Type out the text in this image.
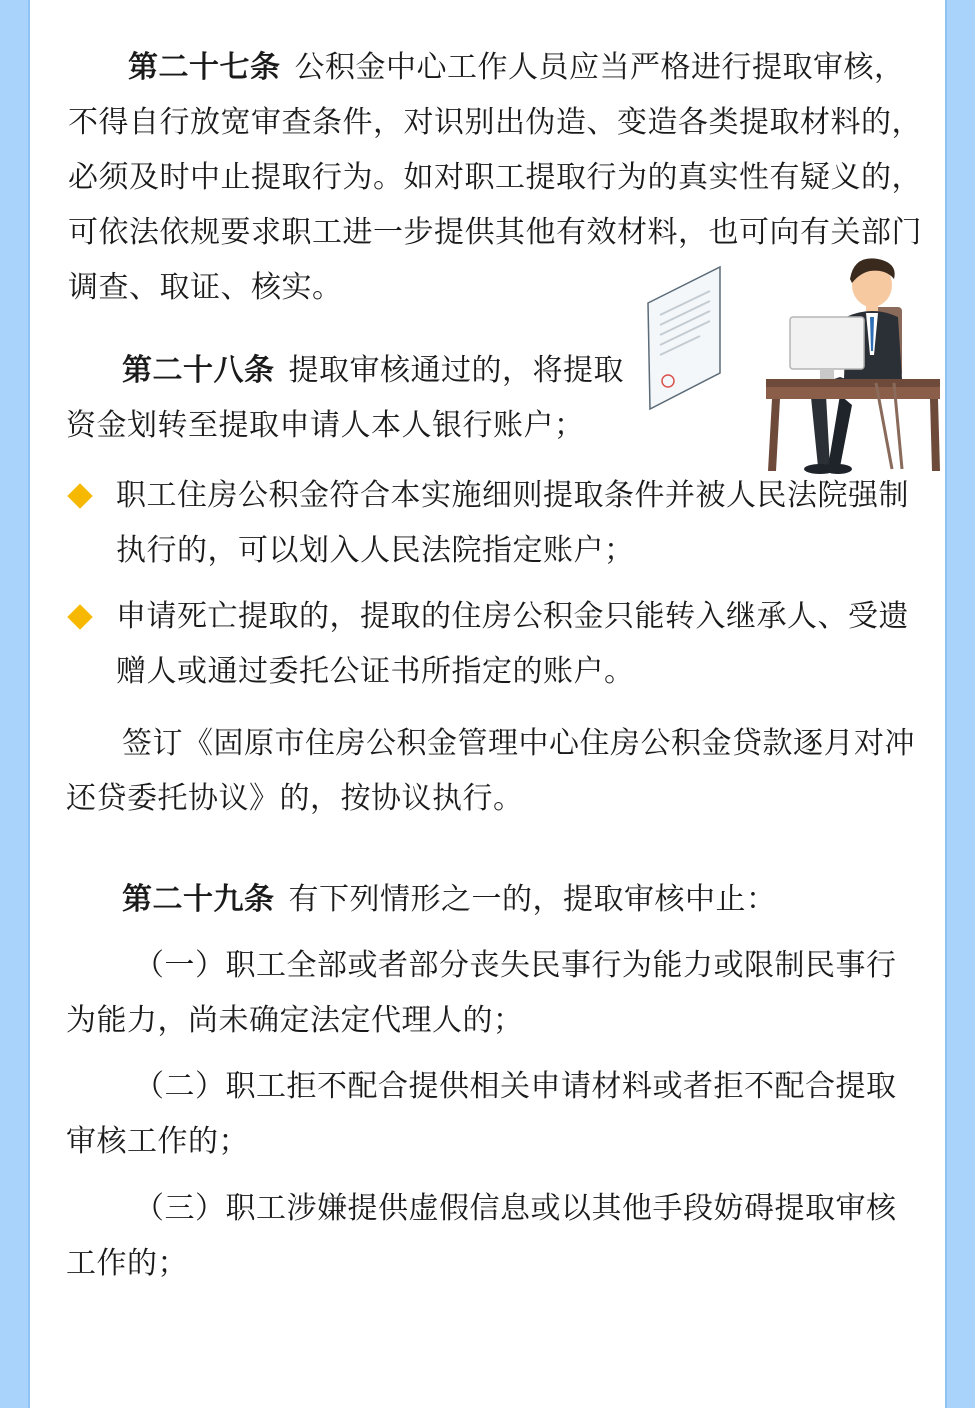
第二十七条 公积金中心工作人员应当严格进行提取审核，不得自行放宽审查条件，对识别出伪造、变造各类提取材料的，必须及时中止提取行为。如对职工提取行为的真实性有疑义的，可依法依规要求职工进一步提供其他有效材料，也可向有关部门调查、取证、核实。

第二十八条 提取审核通过的，将提取资金划转至提取申请人本人银行账户；

职工住房公积金符合本实施细则提取条件并被人民法院强制执行的，可以划入人民法院指定账户；

申请死亡提取的，提取的住房公积金只能转入继承人、受遗赠人或通过委托公证书所指定的账户。

签订《固原市住房公积金管理中心住房公积金贷款逐月对冲还贷委托协议》的，按协议执行。

第二十九条 有下列情形之一的，提取审核中止：

（一）职工全部或者部分丧失民事行为能力或限制民事行为能力，尚未确定法定代理人的；

（二）职工拒不配合提供相关申请材料或者拒不配合提取审核工作的；

（三）职工涉嫌提供虚假信息或以其他手段妨碍提取审核工作的；
